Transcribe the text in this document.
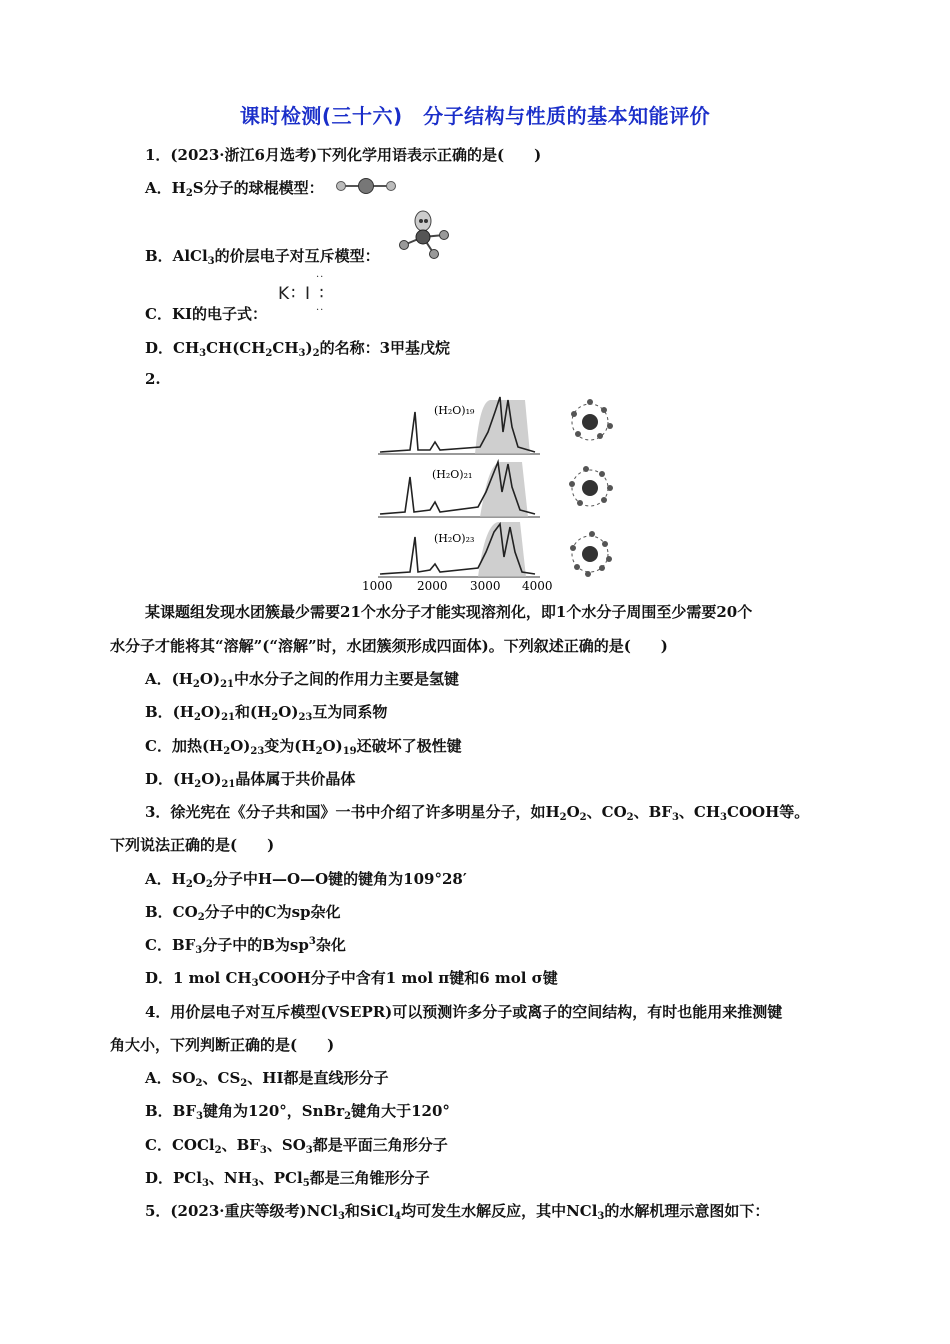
课时检测(三十六)　分子结构与性质的基本知能评价
1．(2023·浙江6月选考)下列化学用语表示正确的是(　　)
A．$H_2S$分子的球棍模型：
B．AlCl$_3$的价层电子对互斥模型：
C．KI的电子式：
K∶ I ∶
··
··
D．$CH_3CH(CH_2CH_3)_2$的名称：3甲基戊烷
2.
(H₂O)₁₉
(H₂O)₂₁
(H₂O)₂₃
1000 2000 3000 4000
某课题组发现水团簇最少需要21个水分子才能实现溶剂化，即1个水分子周围至少需要20个
水分子才能将其“溶解”(“溶解”时，水团簇须形成四面体)。下列叙述正确的是(　　)
A．$(H_2O)_{21}$中水分子之间的作用力主要是氢键
B．$(H_2O)_{21}$和$(H_2O)_{23}$互为同系物
C．加热$(H_2O)_{23}$变为$(H_2O)_{19}$还破坏了极性键
D．$(H_2O)_{21}$晶体属于共价晶体
3．徐光宪在《分子共和国》一书中介绍了许多明星分子，如$H_2O_2$、$CO_2$、$BF_3$、$CH_3COOH$等。
下列说法正确的是(　　)
A．$H_2O_2$分子中H—O—O键的键角为109°28′
B．$CO_2$分子中的C为sp杂化
C．$BF_3$分子中的B为$sp^3$杂化
D．1 mol $CH_3COOH$分子中含有1 mol π键和6 mol σ键
4．用价层电子对互斥模型(VSEPR)可以预测许多分子或离子的空间结构，有时也能用来推测键
角大小，下列判断正确的是(　　)
A．$SO_2$、$CS_2$、HI都是直线形分子
B．$BF_3$键角为120°，SnBr$_2$键角大于120°
C．COCl$_2$、$BF_3$、$SO_3$都是平面三角形分子
D．PCl$_3$、$NH_3$、PCl$_5$都是三角锥形分子
5．(2023·重庆等级考)NCl$_3$和SiCl$_4$均可发生水解反应，其中NCl$_3$的水解机理示意图如下：
